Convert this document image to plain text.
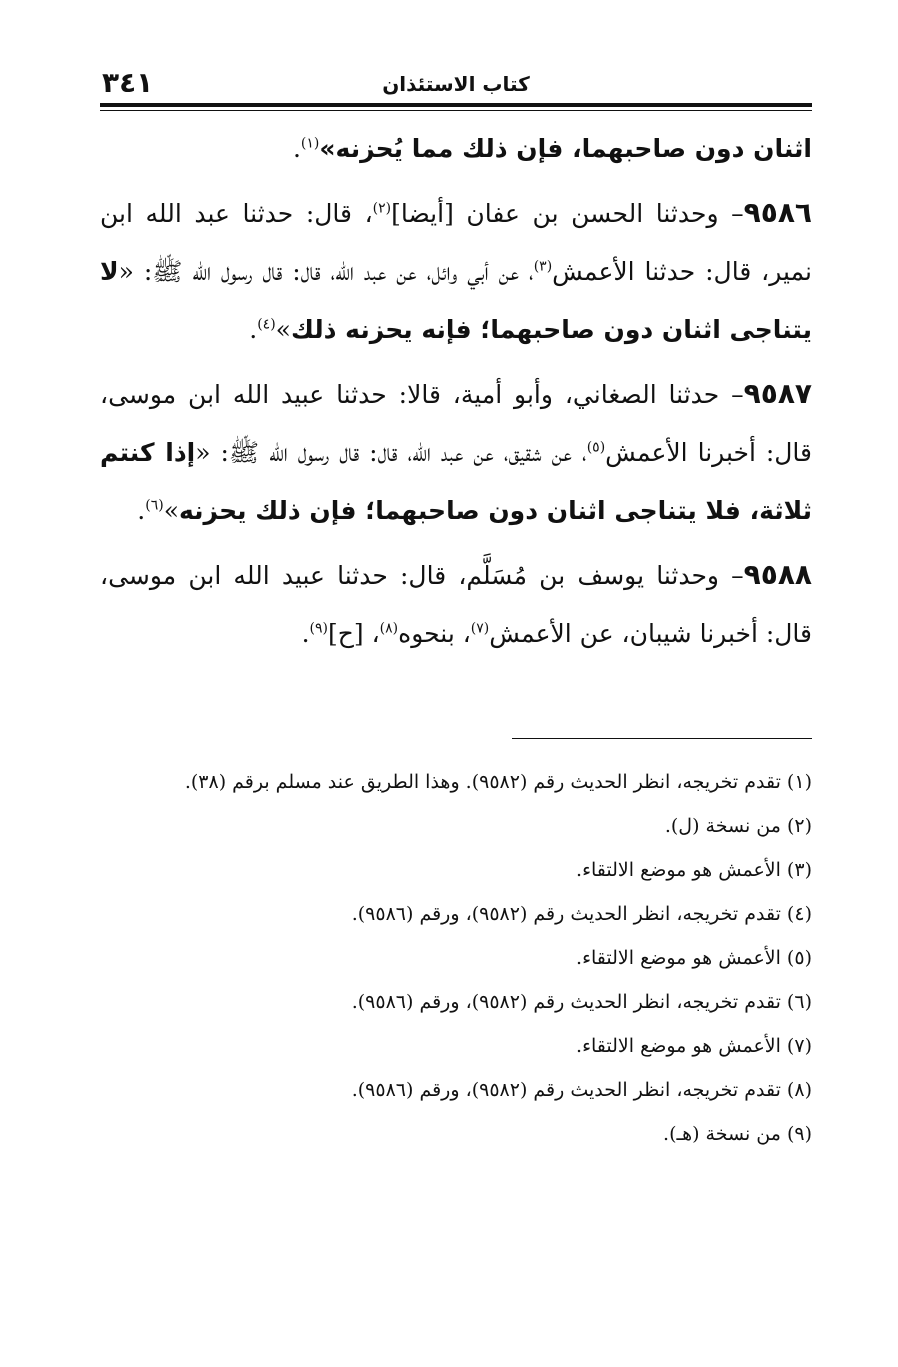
كتاب الاستئذان
٣٤١

اثنان دون صاحبهما، فإن ذلك مما يُحزنه»$^{(١)}$.

٩٥٨٦– وحدثنا الحسن بن عفان [أيضا]$^{(٢)}$، قال: حدثنا عبد الله ابن نمير، قال: حدثنا الأعمش$^{(٣)}$، عن أبي وائل، عن عبد الله، قال: قال رسول الله ﷺ: «لا يتناجى اثنان دون صاحبهما؛ فإنه يحزنه ذلك»$^{(٤)}$.

٩٥٨٧– حدثنا الصغاني، وأبو أمية، قالا: حدثنا عبيد الله ابن موسى، قال: أخبرنا الأعمش$^{(٥)}$، عن شقيق، عن عبد الله، قال: قال رسول الله ﷺ: «إذا كنتم ثلاثة، فلا يتناجى اثنان دون صاحبهما؛ فإن ذلك يحزنه»$^{(٦)}$.

٩٥٨٨– وحدثنا يوسف بن مُسَلَّم، قال: حدثنا عبيد الله ابن موسى، قال: أخبرنا شيبان، عن الأعمش$^{(٧)}$، بنحوه$^{(٨)}$، [ح]$^{(٩)}$.

(١) تقدم تخريجه، انظر الحديث رقم (٩٥٨٢). وهذا الطريق عند مسلم برقم (٣٨).

(٢) من نسخة (ل).

(٣) الأعمش هو موضع الالتقاء.

(٤) تقدم تخريجه، انظر الحديث رقم (٩٥٨٢)، ورقم (٩٥٨٦).

(٥) الأعمش هو موضع الالتقاء.

(٦) تقدم تخريجه، انظر الحديث رقم (٩٥٨٢)، ورقم (٩٥٨٦).

(٧) الأعمش هو موضع الالتقاء.

(٨) تقدم تخريجه، انظر الحديث رقم (٩٥٨٢)، ورقم (٩٥٨٦).

(٩) من نسخة (هـ).
